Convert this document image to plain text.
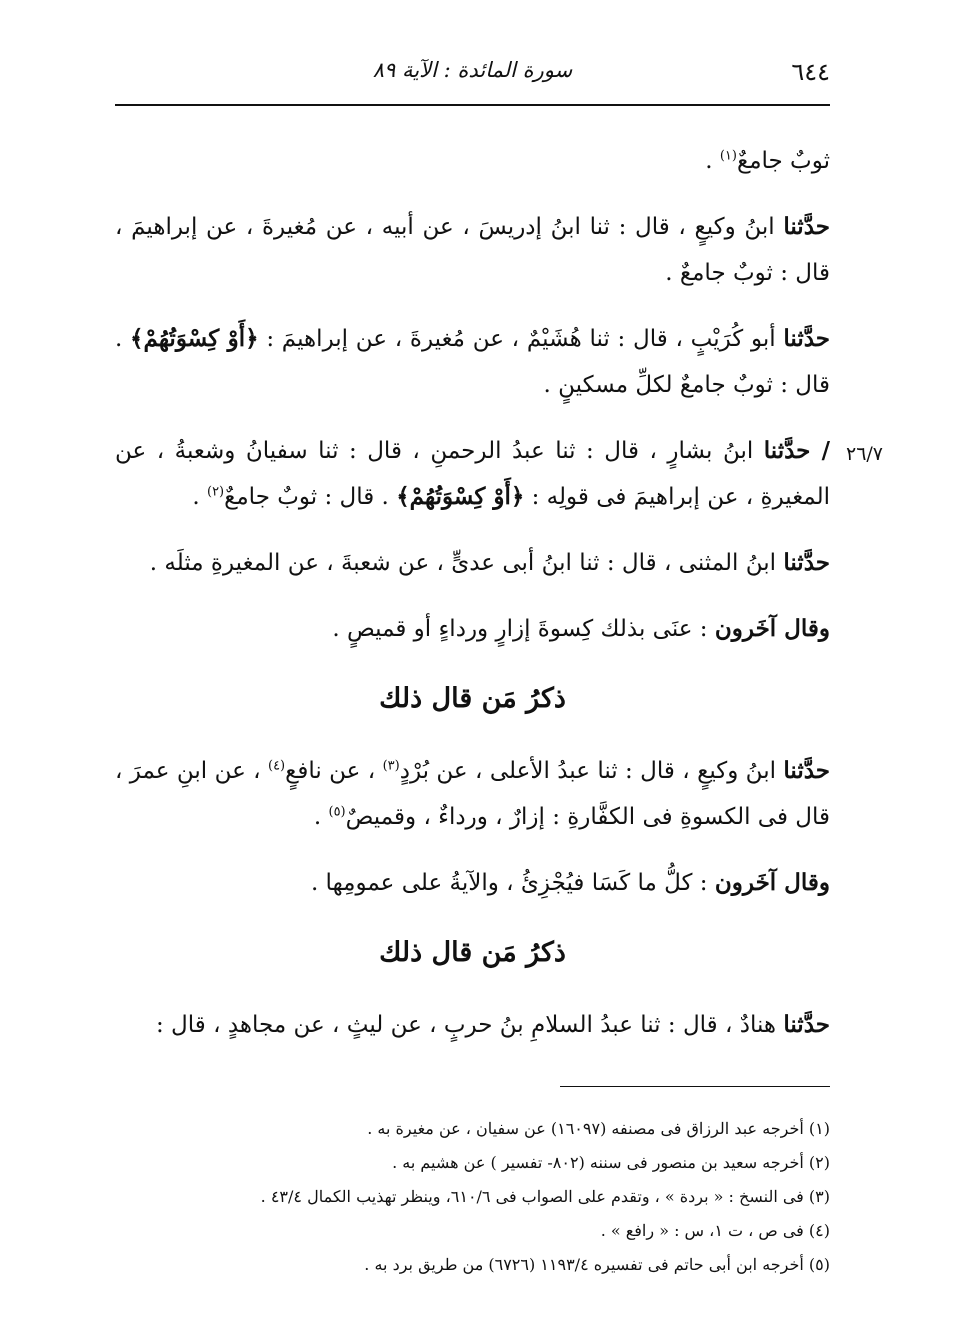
٦٤٤
سورة المائدة : الآية ٨٩
٢٦/٧

ثوبٌ جامعٌ$^{(١)}$ .

حدَّثنا ابنُ وكيعٍ ، قال : ثنا ابنُ إدريسَ ، عن أبيه ، عن مُغيرةَ ، عن إبراهيمَ ، قال : ثوبٌ جامعٌ .

حدَّثنا أبو كُرَيْبٍ ، قال : ثنا هُشَيْمٌ ، عن مُغيرةَ ، عن إبراهيمَ : ﴿أَوْ كِسْوَتُهُمْ﴾ . قال : ثوبٌ جامعٌ لكلِّ مسكينٍ .

/ حدَّثنا ابنُ بشارٍ ، قال : ثنا عبدُ الرحمنِ ، قال : ثنا سفيانُ وشعبةُ ، عن المغيرةِ ، عن إبراهيمَ فى قولِه : ﴿أَوْ كِسْوَتُهُمْ﴾ . قال : ثوبٌ جامعٌ$^{(٢)}$ .

حدَّثنا ابنُ المثنى ، قال : ثنا ابنُ أبى عدىٍّ ، عن شعبةَ ، عن المغيرةِ مثلَه .

وقال آخَرون : عنَى بذلك كِسوةَ إزارٍ ورداءٍ أو قميصٍ .

ذكرُ مَن قال ذلك

حدَّثنا ابنُ وكيعٍ ، قال : ثنا عبدُ الأعلى ، عن بُرْدٍ$^{(٣)}$ ، عن نافعٍ$^{(٤)}$ ، عن ابنِ عمرَ ، قال فى الكسوةِ فى الكفَّارةِ : إزارٌ ، ورداءٌ ، وقميصٌ$^{(٥)}$ .

وقال آخَرون : كلُّ ما كَسَا فيُجْزِئُ ، والآيةُ على عمومِها .

ذكرُ مَن قال ذلك

حدَّثنا هنادٌ ، قال : ثنا عبدُ السلامِ بنُ حربٍ ، عن ليثٍ ، عن مجاهدٍ ، قال :

(١) أخرجه عبد الرزاق فى مصنفه (١٦٠٩٧) عن سفيان ، عن مغيرة به .
(٢) أخرجه سعيد بن منصور فى سننه (٨٠٢- تفسير ) عن هشيم به .
(٣) فى النسخ : « بردة » ، وتقدم على الصواب فى ٦١٠/٦، وينظر تهذيب الكمال ٤٣/٤ .
(٤) فى ص ، ت ١، س : « رافع » .
(٥) أخرجه ابن أبى حاتم فى تفسيره ١١٩٣/٤ (٦٧٢٦) من طريق برد به .
